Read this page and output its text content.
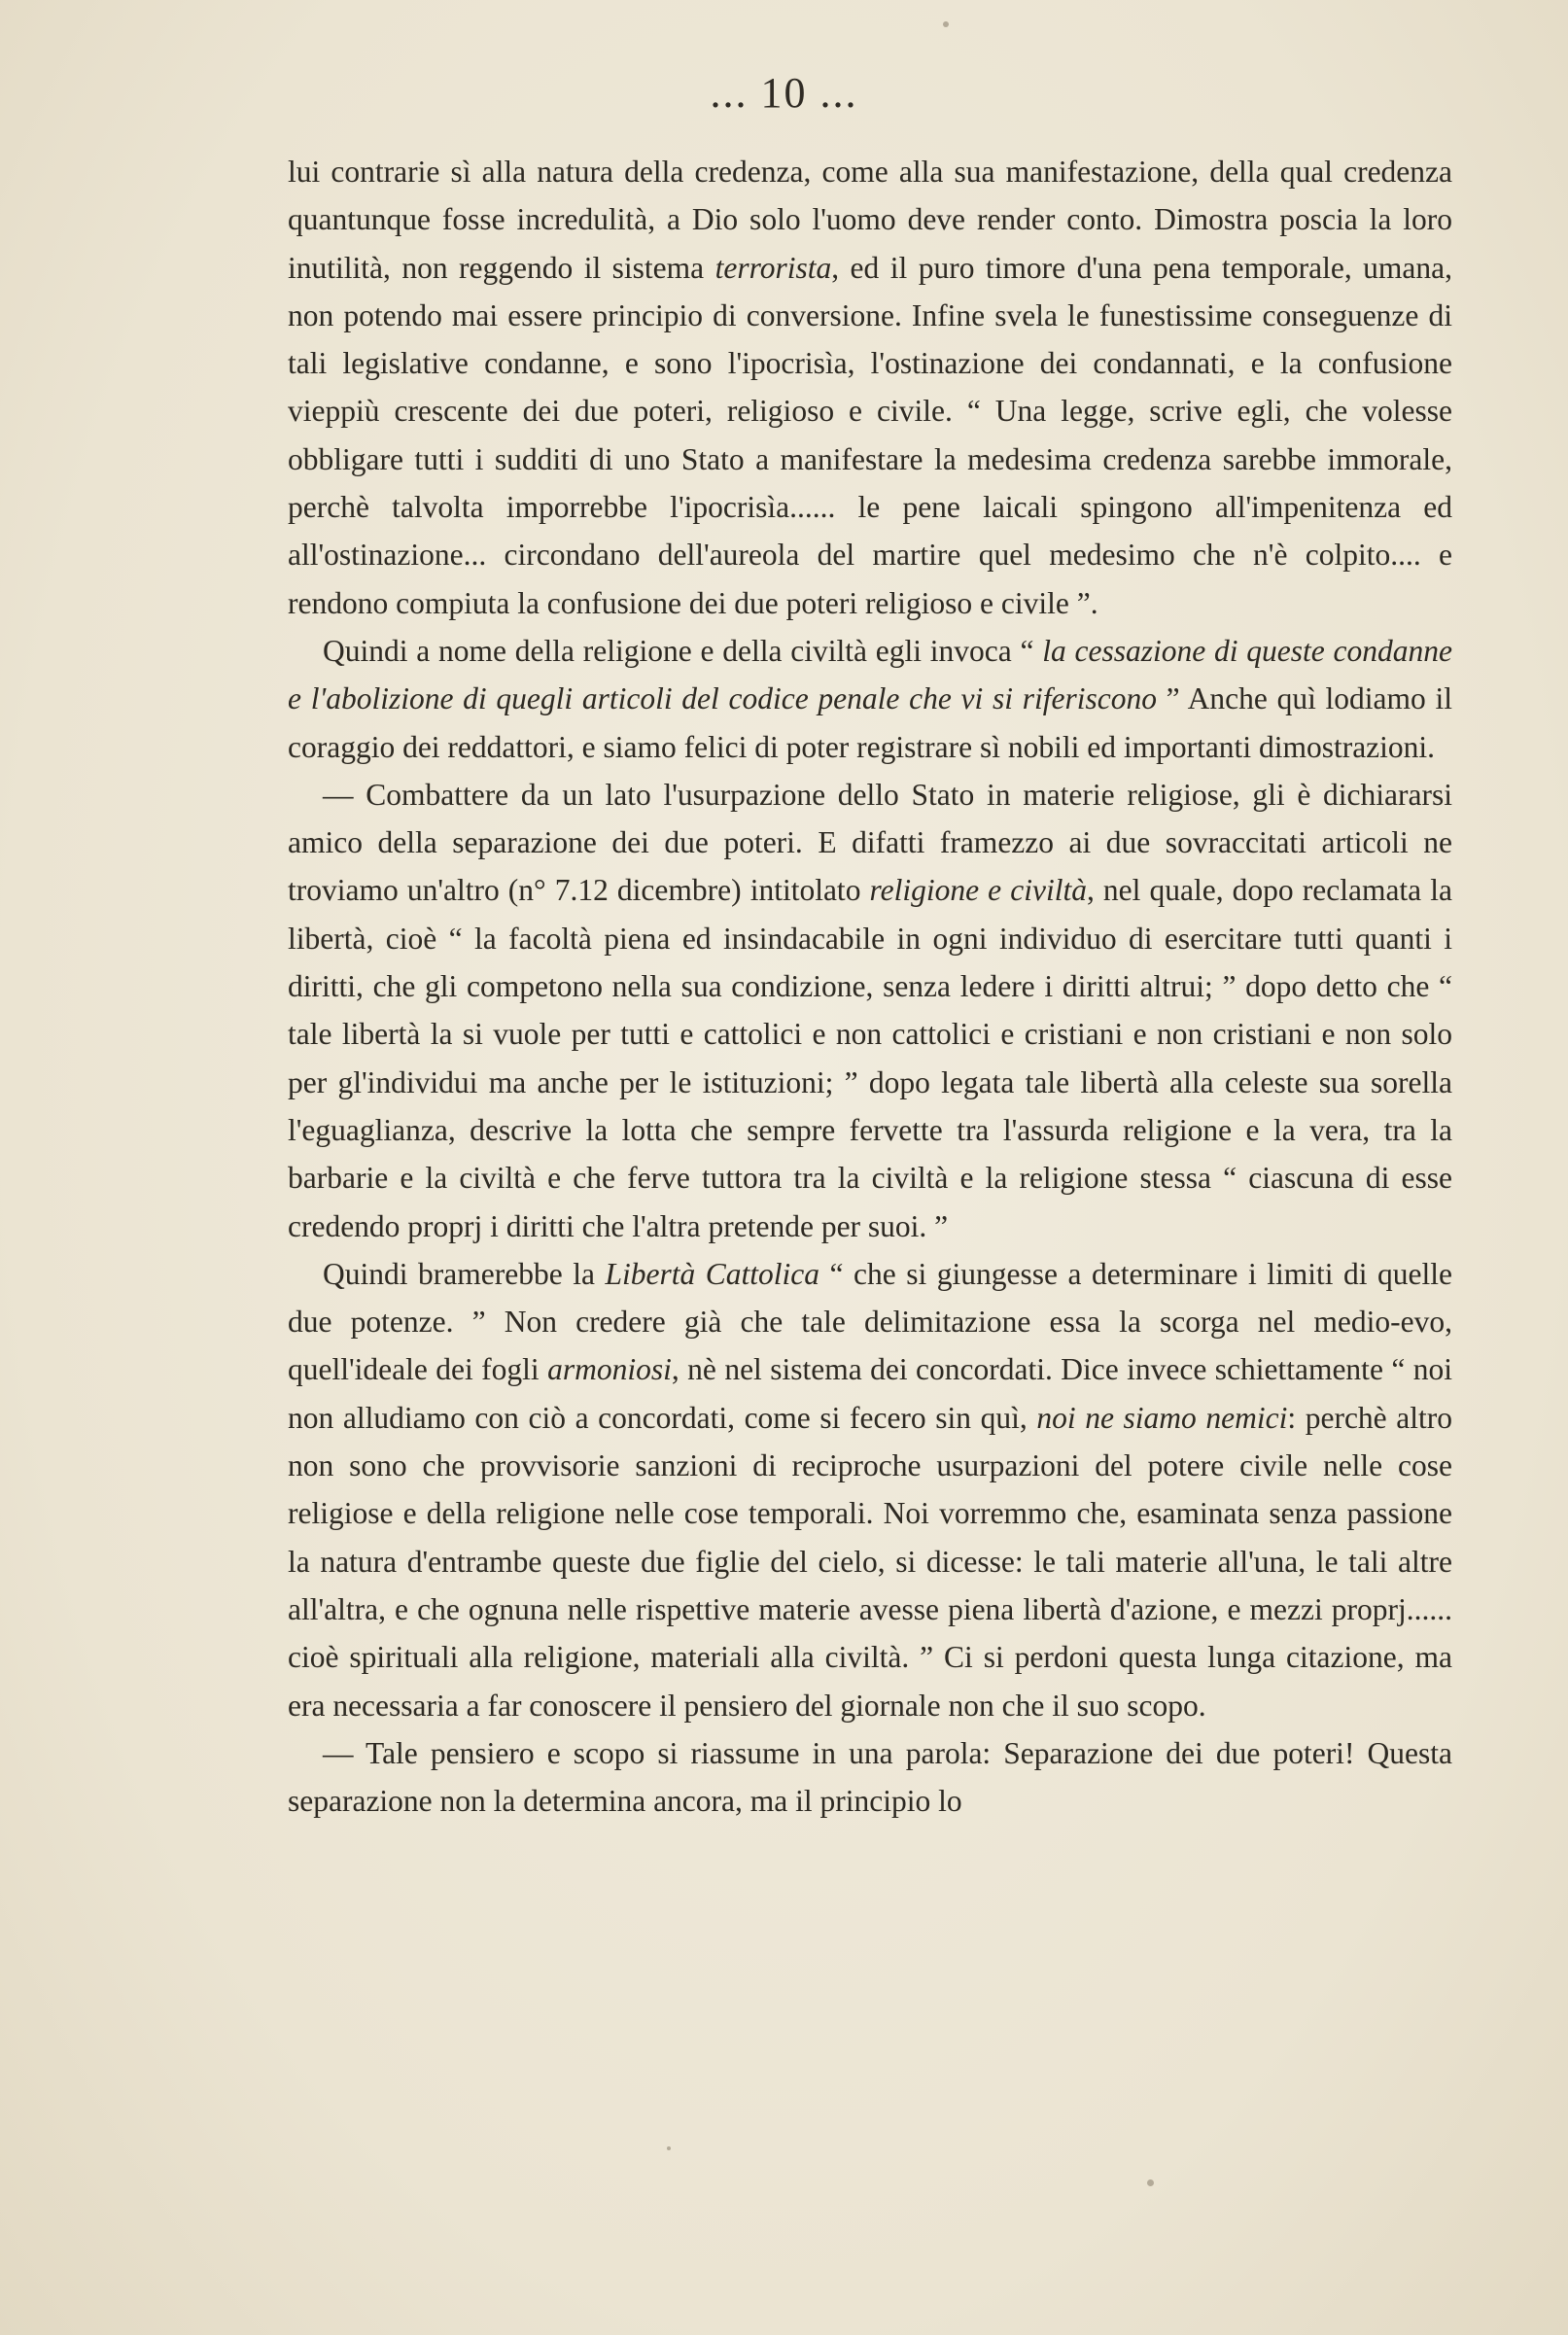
... 10 ...

lui contrarie sì alla natura della credenza, come alla sua manifestazione, della qual credenza quantunque fosse incredulità, a Dio solo l'uomo deve render conto. Dimostra poscia la loro inutilità, non reggendo il sistema terrorista, ed il puro timore d'una pena temporale, umana, non potendo mai essere principio di conversione. Infine svela le funestissime conseguenze di tali legislative condanne, e sono l'ipocrisìa, l'ostinazione dei condannati, e la confusione vieppiù crescente dei due poteri, religioso e civile. “ Una legge, scrive egli, che volesse obbligare tutti i sudditi di uno Stato a manifestare la medesima credenza sarebbe immorale, perchè talvolta imporrebbe l'ipocrisìa...... le pene laicali spingono all'impenitenza ed all'ostinazione... circondano dell'aureola del martire quel medesimo che n'è colpito.... e rendono compiuta la confusione dei due poteri religioso e civile ”.

Quindi a nome della religione e della civiltà egli invoca “ la cessazione di queste condanne e l'abolizione di quegli articoli del codice penale che vi si riferiscono ” Anche quì lodiamo il coraggio dei reddattori, e siamo felici di poter registrare sì nobili ed importanti dimostrazioni.

— Combattere da un lato l'usurpazione dello Stato in materie religiose, gli è dichiararsi amico della separazione dei due poteri. E difatti framezzo ai due sovraccitati articoli ne troviamo un'altro (n° 7.12 dicembre) intitolato religione e civiltà, nel quale, dopo reclamata la libertà, cioè “ la facoltà piena ed insindacabile in ogni individuo di esercitare tutti quanti i diritti, che gli competono nella sua condizione, senza ledere i diritti altrui; ” dopo detto che “ tale libertà la si vuole per tutti e cattolici e non cattolici e cristiani e non cristiani e non solo per gl'individui ma anche per le istituzioni; ” dopo legata tale libertà alla celeste sua sorella l'eguaglianza, descrive la lotta che sempre fervette tra l'assurda religione e la vera, tra la barbarie e la civiltà e che ferve tuttora tra la civiltà e la religione stessa “ ciascuna di esse credendo proprj i diritti che l'altra pretende per suoi. ”

Quindi bramerebbe la Libertà Cattolica “ che si giungesse a determinare i limiti di quelle due potenze. ” Non credere già che tale delimitazione essa la scorga nel medio-evo, quell'ideale dei fogli armoniosi, nè nel sistema dei concordati. Dice invece schiettamente “ noi non alludiamo con ciò a concordati, come si fecero sin quì, noi ne siamo nemici: perchè altro non sono che provvisorie sanzioni di reciproche usurpazioni del potere civile nelle cose religiose e della religione nelle cose temporali. Noi vorremmo che, esaminata senza passione la natura d'entrambe queste due figlie del cielo, si dicesse: le tali materie all'una, le tali altre all'altra, e che ognuna nelle rispettive materie avesse piena libertà d'azione, e mezzi proprj...... cioè spirituali alla religione, materiali alla civiltà. ” Ci si perdoni questa lunga citazione, ma era necessaria a far conoscere il pensiero del giornale non che il suo scopo.

— Tale pensiero e scopo si riassume in una parola: Separazione dei due poteri! Questa separazione non la determina ancora, ma il principio lo
